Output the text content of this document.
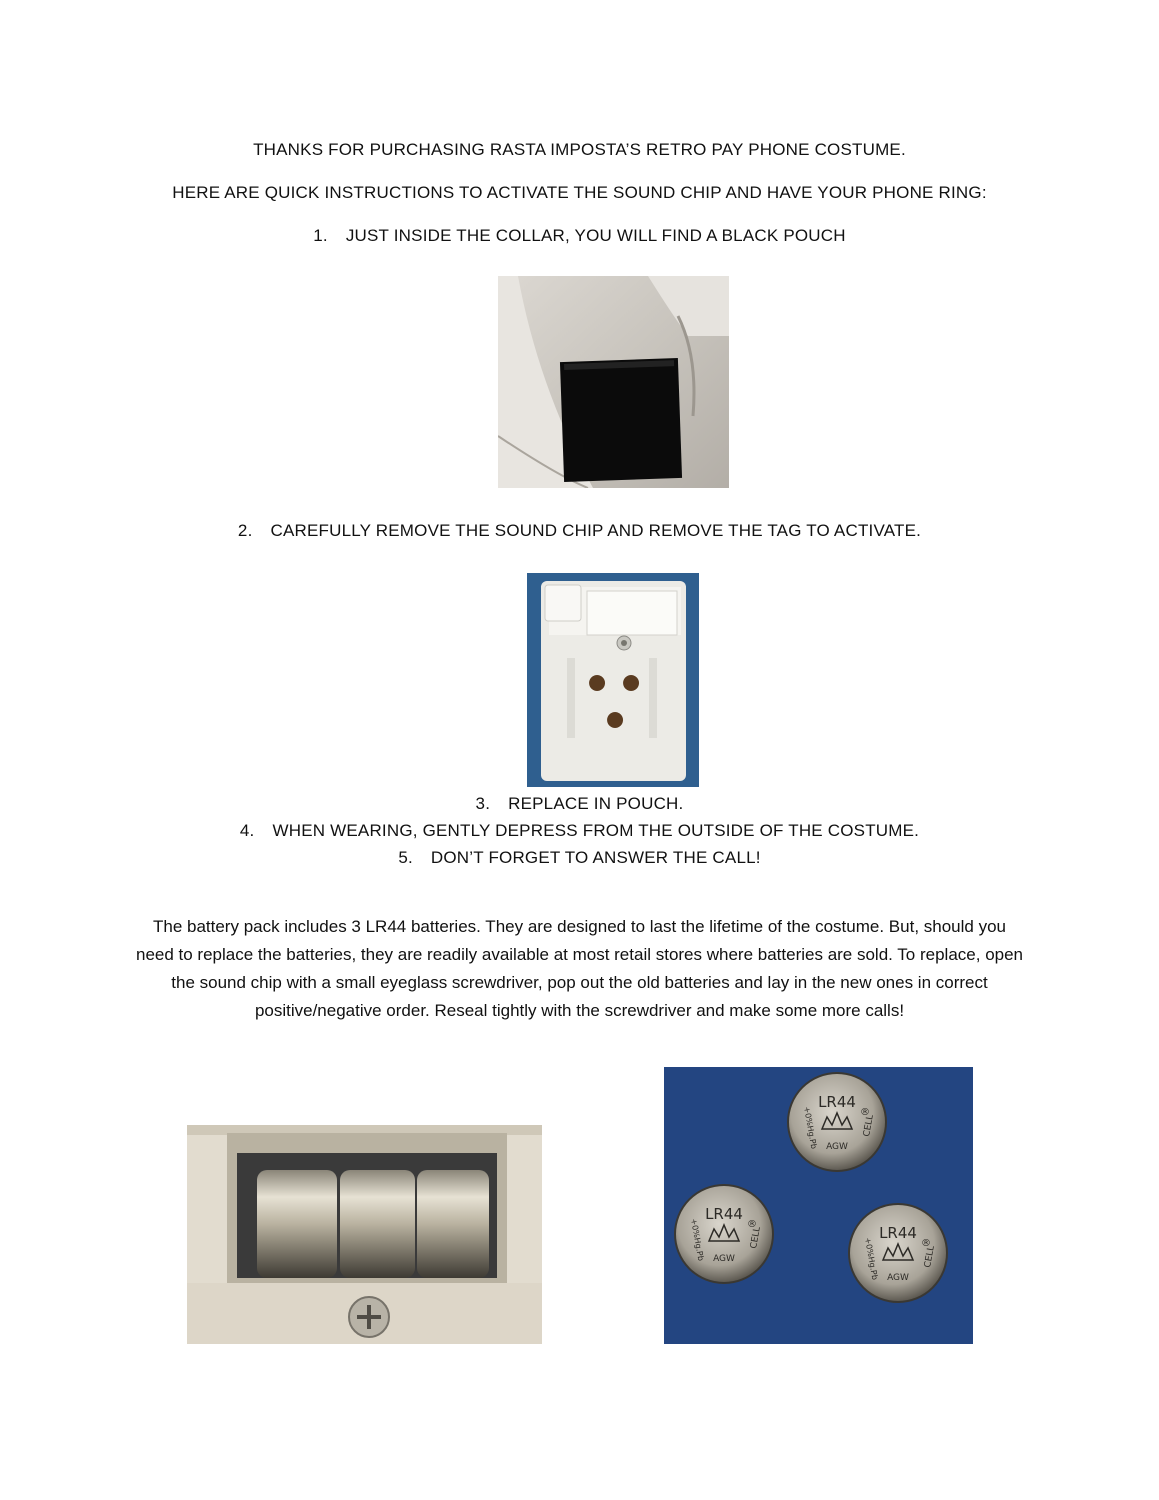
THANKS FOR PURCHASING RASTA IMPOSTA’S RETRO PAY PHONE COSTUME.
HERE ARE QUICK INSTRUCTIONS TO ACTIVATE THE SOUND CHIP AND HAVE YOUR PHONE RING:
1. JUST INSIDE THE COLLAR, YOU WILL FIND A BLACK POUCH
2. CAREFULLY REMOVE THE SOUND CHIP AND REMOVE THE TAG TO ACTIVATE.
3. REPLACE IN POUCH.
4. WHEN WEARING, GENTLY DEPRESS FROM THE OUTSIDE OF THE COSTUME.
5. DON’T FORGET TO ANSWER THE CALL!
The battery pack includes 3 LR44 batteries. They are designed to last the lifetime of the costume. But, should you need to replace the batteries, they are readily available at most retail stores where batteries are sold. To replace, open the sound chip with a small eyeglass screwdriver, pop out the old batteries and lay in the new ones in correct positive/negative order. Reseal tightly with the screwdriver and make some more calls!
LR44
AGW
®
CELL
+0%Hg.Pb
LR44
AGW
®
CELL
+0%Hg.Pb	LR44
AGW
®
CELL
+0%Hg.Pb
